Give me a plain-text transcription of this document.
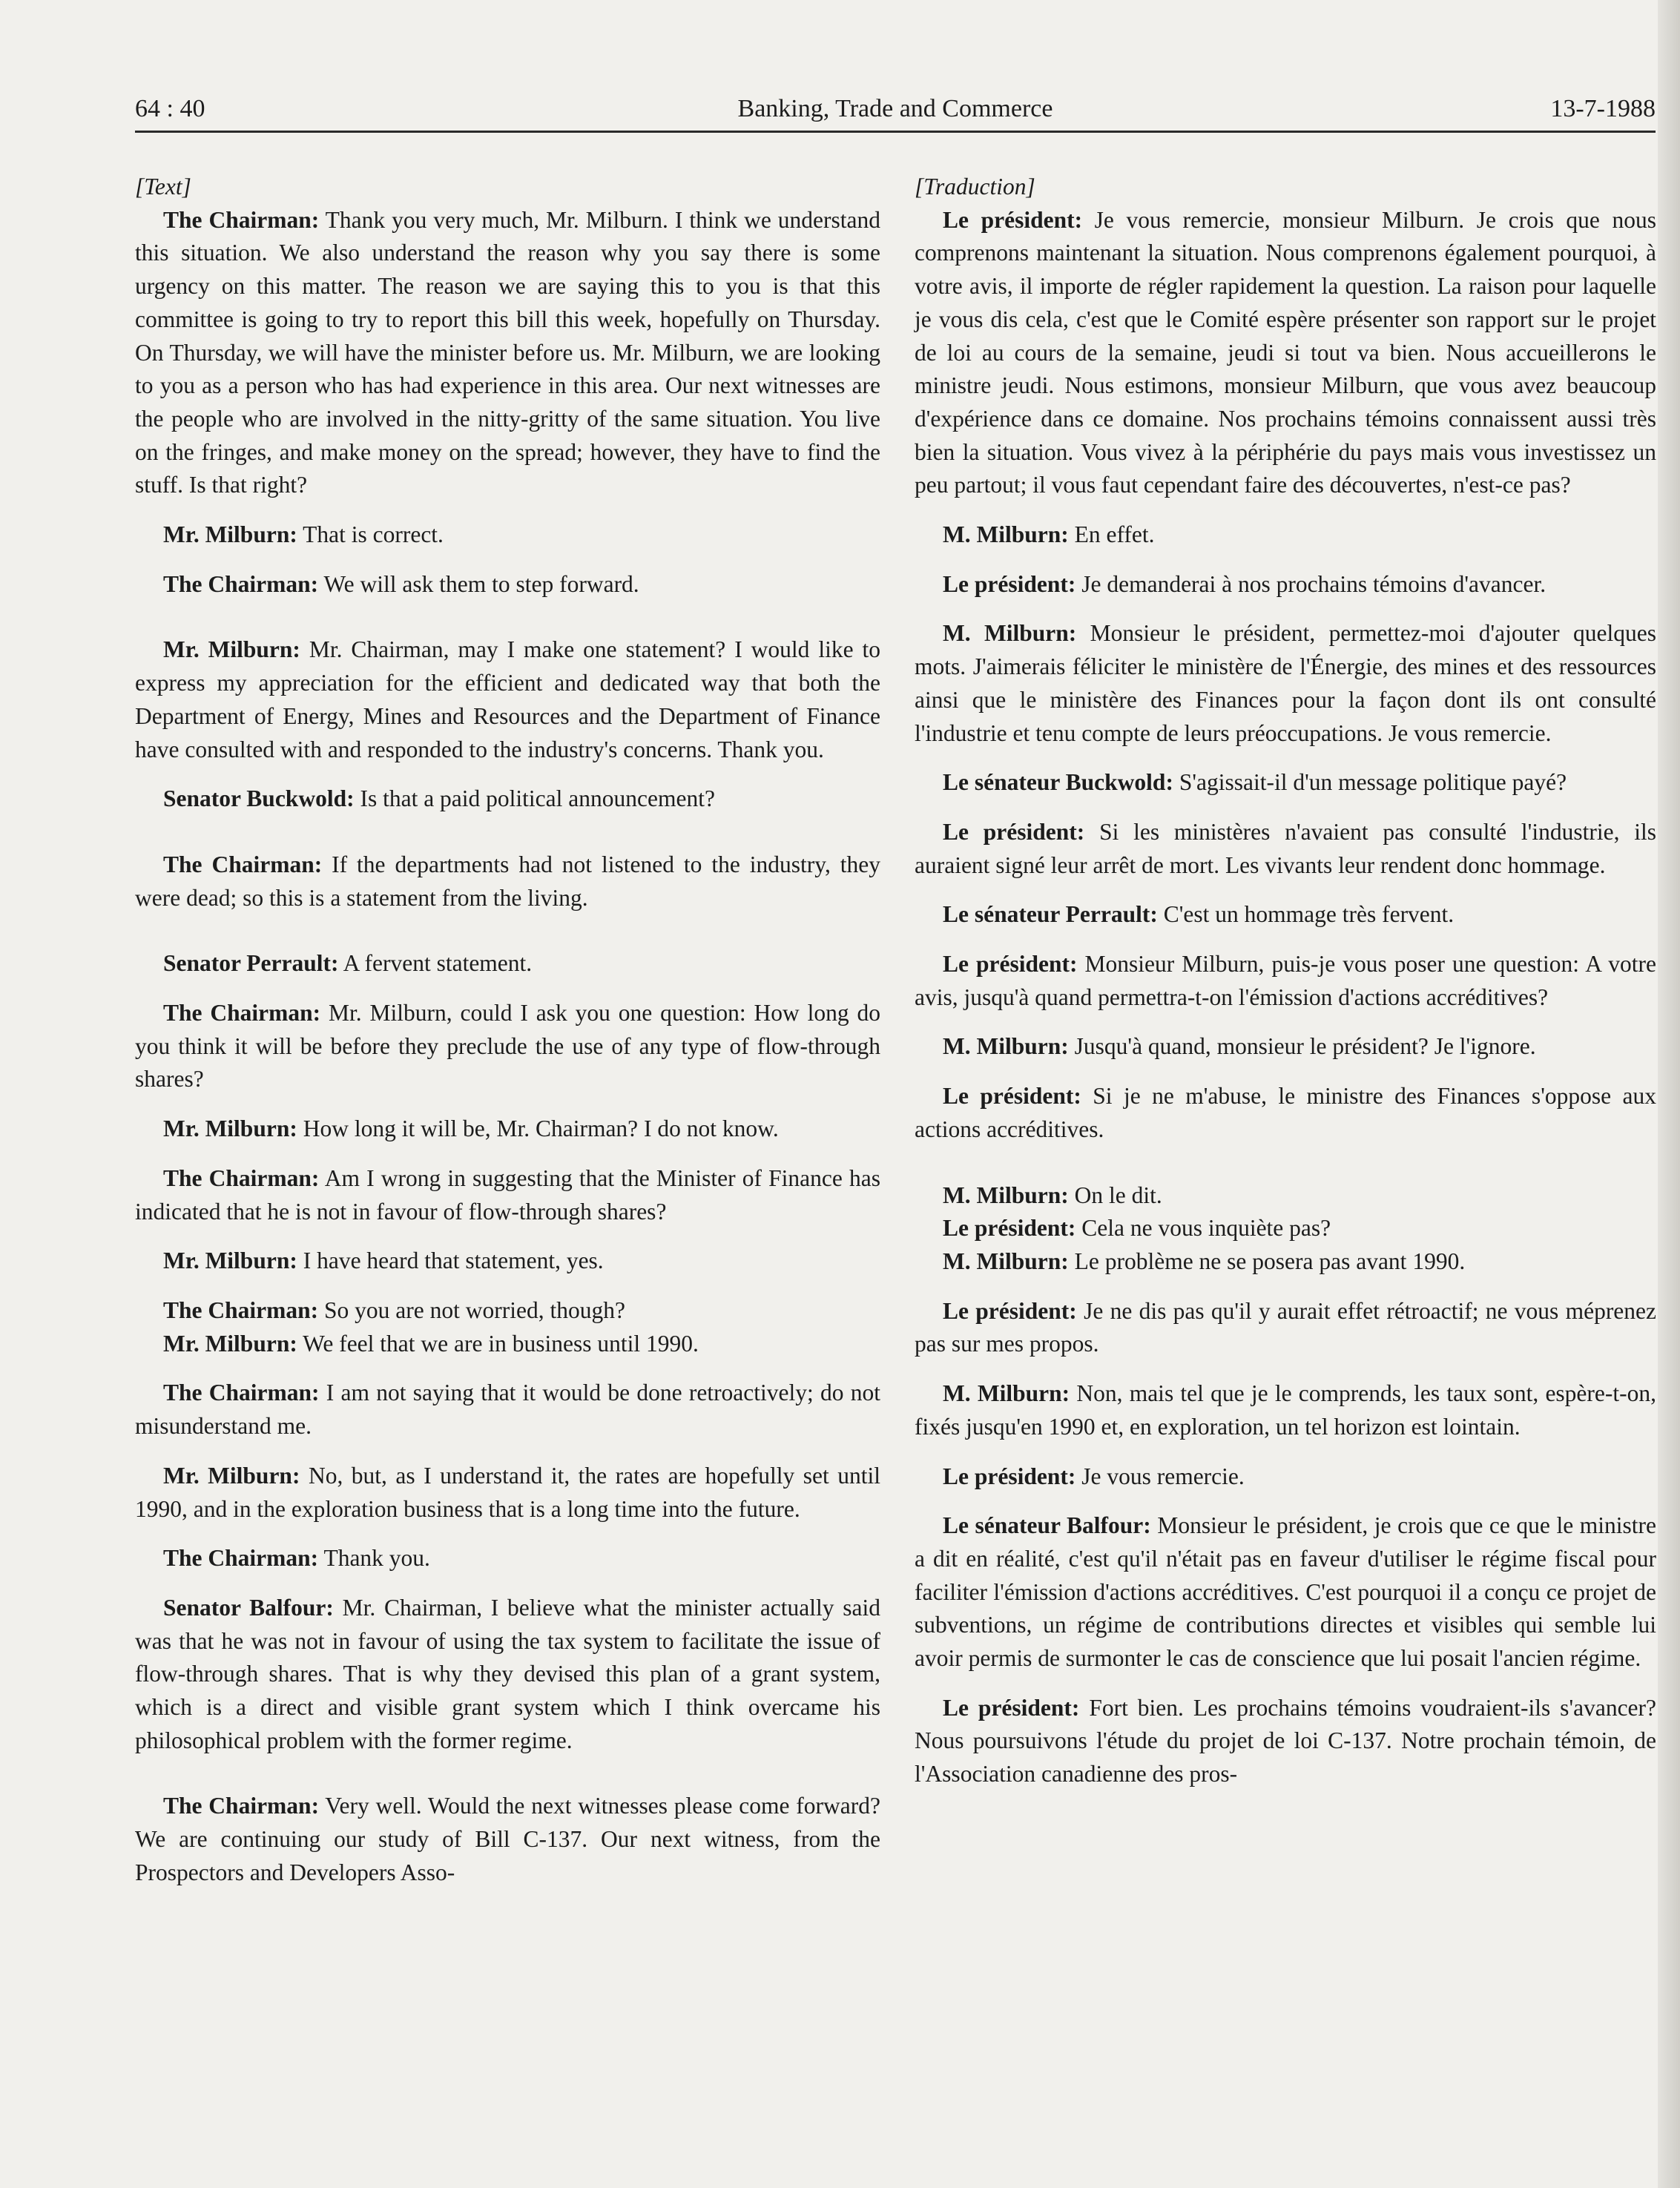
Banking, Trade and Commerce
64 : 40	13-7-1988

[Text]

The Chairman: Thank you very much, Mr. Milburn. I think we understand this situation. We also understand the reason why you say there is some urgency on this matter. The reason we are saying this to you is that this committee is going to try to report this bill this week, hopefully on Thursday. On Thursday, we will have the minister before us. Mr. Milburn, we are looking to you as a person who has had experience in this area. Our next witnesses are the people who are involved in the nitty-gritty of the same situation. You live on the fringes, and make money on the spread; however, they have to find the stuff. Is that right?

Mr. Milburn: That is correct.

The Chairman: We will ask them to step forward.

Mr. Milburn: Mr. Chairman, may I make one statement? I would like to express my appreciation for the efficient and dedicated way that both the Department of Energy, Mines and Resources and the Department of Finance have consulted with and responded to the industry's concerns. Thank you.

Senator Buckwold: Is that a paid political announcement?

The Chairman: If the departments had not listened to the industry, they were dead; so this is a statement from the living.

Senator Perrault: A fervent statement.

The Chairman: Mr. Milburn, could I ask you one question: How long do you think it will be before they preclude the use of any type of flow-through shares?

Mr. Milburn: How long it will be, Mr. Chairman? I do not know.

The Chairman: Am I wrong in suggesting that the Minister of Finance has indicated that he is not in favour of flow-through shares?

Mr. Milburn: I have heard that statement, yes.

The Chairman: So you are not worried, though?

Mr. Milburn: We feel that we are in business until 1990.

The Chairman: I am not saying that it would be done retroactively; do not misunderstand me.

Mr. Milburn: No, but, as I understand it, the rates are hopefully set until 1990, and in the exploration business that is a long time into the future.

The Chairman: Thank you.

Senator Balfour: Mr. Chairman, I believe what the minister actually said was that he was not in favour of using the tax system to facilitate the issue of flow-through shares. That is why they devised this plan of a grant system, which is a direct and visible grant system which I think overcame his philosophical problem with the former regime.

The Chairman: Very well. Would the next witnesses please come forward? We are continuing our study of Bill C-137. Our next witness, from the Prospectors and Developers Asso-

[Traduction]

Le président: Je vous remercie, monsieur Milburn. Je crois que nous comprenons maintenant la situation. Nous comprenons également pourquoi, à votre avis, il importe de régler rapidement la question. La raison pour laquelle je vous dis cela, c'est que le Comité espère présenter son rapport sur le projet de loi au cours de la semaine, jeudi si tout va bien. Nous accueillerons le ministre jeudi. Nous estimons, monsieur Milburn, que vous avez beaucoup d'expérience dans ce domaine. Nos prochains témoins connaissent aussi très bien la situation. Vous vivez à la périphérie du pays mais vous investissez un peu partout; il vous faut cependant faire des découvertes, n'est-ce pas?

M. Milburn: En effet.

Le président: Je demanderai à nos prochains témoins d'avancer.

M. Milburn: Monsieur le président, permettez-moi d'ajouter quelques mots. J'aimerais féliciter le ministère de l'Énergie, des mines et des ressources ainsi que le ministère des Finances pour la façon dont ils ont consulté l'industrie et tenu compte de leurs préoccupations. Je vous remercie.

Le sénateur Buckwold: S'agissait-il d'un message politique payé?

Le président: Si les ministères n'avaient pas consulté l'industrie, ils auraient signé leur arrêt de mort. Les vivants leur rendent donc hommage.

Le sénateur Perrault: C'est un hommage très fervent.

Le président: Monsieur Milburn, puis-je vous poser une question: A votre avis, jusqu'à quand permettra-t-on l'émission d'actions accréditives?

M. Milburn: Jusqu'à quand, monsieur le président? Je l'ignore.

Le président: Si je ne m'abuse, le ministre des Finances s'oppose aux actions accréditives.

M. Milburn: On le dit.

Le président: Cela ne vous inquiète pas?

M. Milburn: Le problème ne se posera pas avant 1990.

Le président: Je ne dis pas qu'il y aurait effet rétroactif; ne vous méprenez pas sur mes propos.

M. Milburn: Non, mais tel que je le comprends, les taux sont, espère-t-on, fixés jusqu'en 1990 et, en exploration, un tel horizon est lointain.

Le président: Je vous remercie.

Le sénateur Balfour: Monsieur le président, je crois que ce que le ministre a dit en réalité, c'est qu'il n'était pas en faveur d'utiliser le régime fiscal pour faciliter l'émission d'actions accréditives. C'est pourquoi il a conçu ce projet de subventions, un régime de contributions directes et visibles qui semble lui avoir permis de surmonter le cas de conscience que lui posait l'ancien régime.

Le président: Fort bien. Les prochains témoins voudraient-ils s'avancer? Nous poursuivons l'étude du projet de loi C-137. Notre prochain témoin, de l'Association canadienne des pros-
